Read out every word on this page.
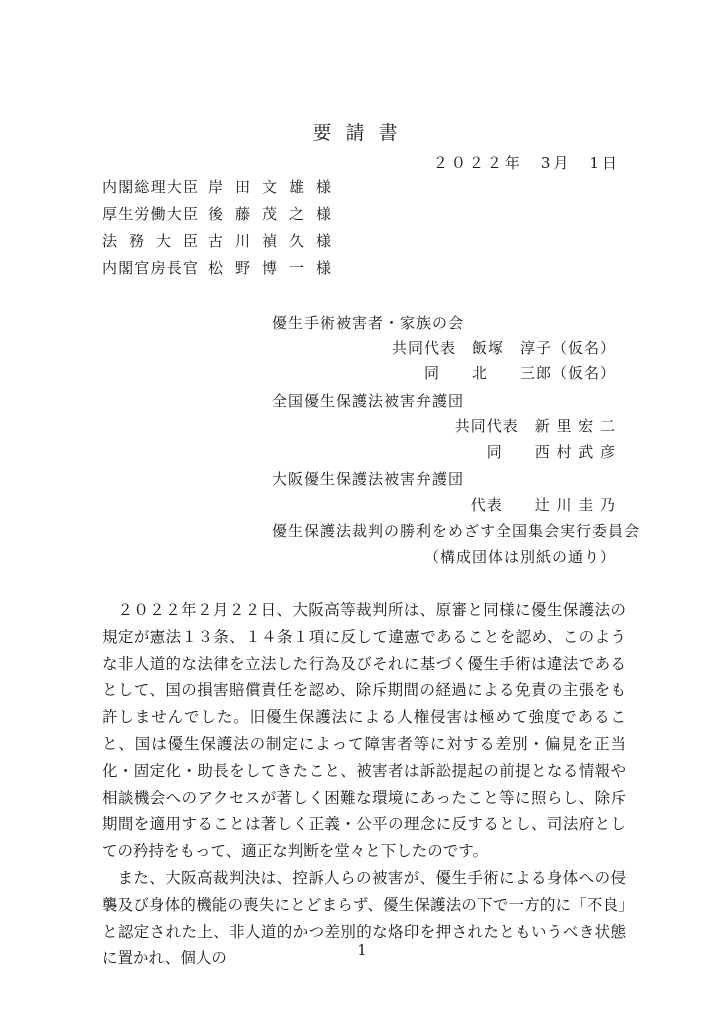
要請書
２０２２年　3月　1日
内閣総理大臣 岸田文雄様
厚生労働大臣 後藤茂之様
法務大臣 古川禎久様
内閣官房長官 松野博一様
優生手術被害者・家族の会
共同代表　飯塚　淳子（仮名）
同　　北　　三郎（仮名）
全国優生保護法被害弁護団
共同代表　新 里 宏 二
同　　西 村 武 彦
大阪優生保護法被害弁護団
代表　　辻 川 圭 乃
優生保護法裁判の勝利をめざす全国集会実行委員会
（構成団体は別紙の通り）

２０２２年２月２２日、大阪高等裁判所は、原審と同様に優生保護法の規定が憲法１３条、１４条１項に反して違憲であることを認め、このような非人道的な法律を立法した行為及びそれに基づく優生手術は違法であるとして、国の損害賠償責任を認め、除斥期間の経過による免責の主張をも許しませんでした。旧優生保護法による人権侵害は極めて強度であること、国は優生保護法の制定によって障害者等に対する差別・偏見を正当化・固定化・助長をしてきたこと、被害者は訴訟提起の前提となる情報や相談機会へのアクセスが著しく困難な環境にあったこと等に照らし、除斥期間を適用することは著しく正義・公平の理念に反するとし、司法府としての矜持をもって、適正な判断を堂々と下したのです。

また、大阪高裁判決は、控訴人らの被害が、優生手術による身体への侵襲及び身体的機能の喪失にとどまらず、優生保護法の下で一方的に「不良」と認定された上、非人道的かつ差別的な烙印を押されたともいうべき状態に置かれ、個人の	1
